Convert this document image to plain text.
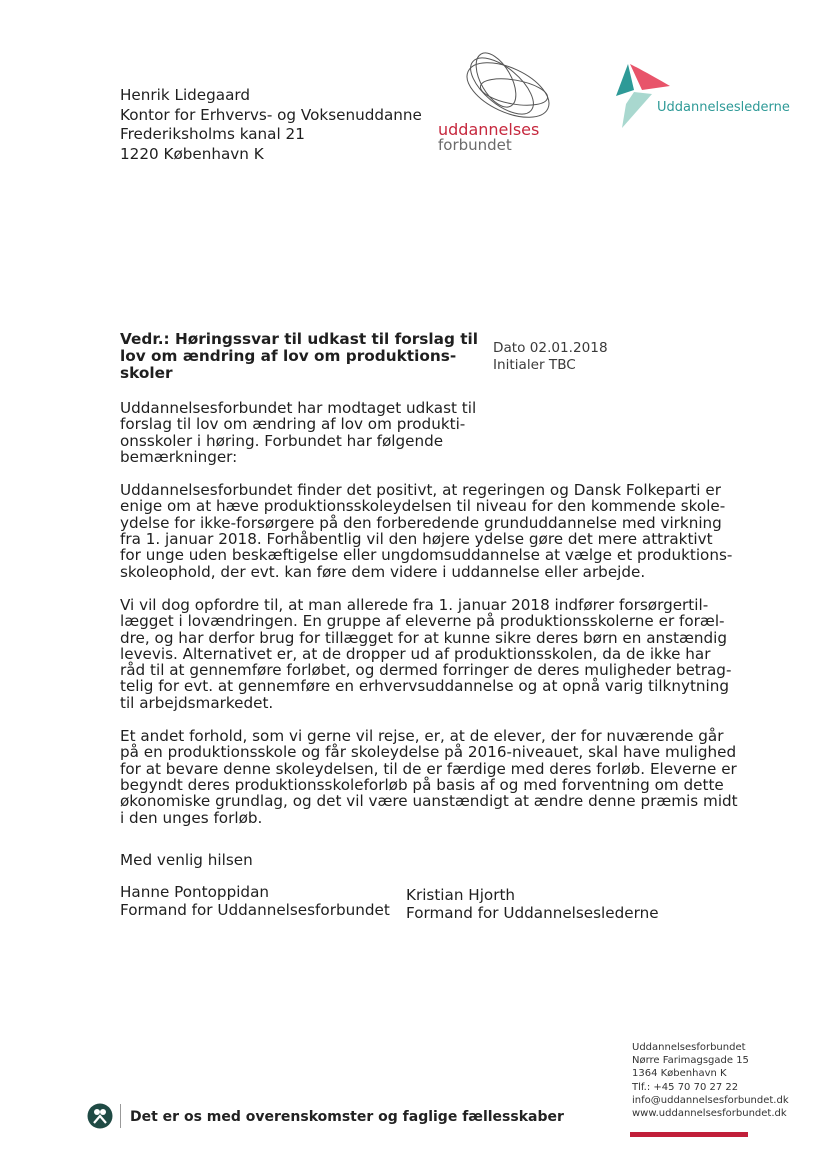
Henrik Lidegaard
Kontor for Erhvervs- og Voksenuddanne
Frederiksholms kanal 21
1220 København K
uddannelses
forbundet
Uddannelseslederne
Vedr.: Høringssvar til udkast til forslag til
lov om ændring af lov om produktions-
skoler
Dato 02.01.2018
Initialer TBC
Uddannelsesforbundet har modtaget udkast til
forslag til lov om ændring af lov om produkti-
onsskoler i høring. Forbundet har følgende
bemærkninger:
Uddannelsesforbundet finder det positivt, at regeringen og Dansk Folkeparti er
enige om at hæve produktionsskoleydelsen til niveau for den kommende skole-
ydelse for ikke-forsørgere på den forberedende grunduddannelse med virkning
fra 1. januar 2018. Forhåbentlig vil den højere ydelse gøre det mere attraktivt
for unge uden beskæftigelse eller ungdomsuddannelse at vælge et produktions-
skoleophold, der evt. kan føre dem videre i uddannelse eller arbejde.
Vi vil dog opfordre til, at man allerede fra 1. januar 2018 indfører forsørgertil-
lægget i lovændringen. En gruppe af eleverne på produktionsskolerne er foræl-
dre, og har derfor brug for tillægget for at kunne sikre deres børn en anstændig
levevis. Alternativet er, at de dropper ud af produktionsskolen, da de ikke har
råd til at gennemføre forløbet, og dermed forringer de deres muligheder betrag-
telig for evt. at gennemføre en erhvervsuddannelse og at opnå varig tilknytning
til arbejdsmarkedet.
Et andet forhold, som vi gerne vil rejse, er, at de elever, der for nuværende går
på en produktionsskole og får skoleydelse på 2016-niveauet, skal have mulighed
for at bevare denne skoleydelsen, til de er færdige med deres forløb. Eleverne er
begyndt deres produktionsskoleforløb på basis af og med forventning om dette
økonomiske grundlag, og det vil være uanstændigt at ændre denne præmis midt
i den unges forløb.
Med venlig hilsen
Hanne Pontoppidan
Formand for Uddannelsesforbundet
Kristian Hjorth
Formand for Uddannelseslederne
Uddannelsesforbundet
Nørre Farimagsgade 15
1364 København K
Tlf.: +45 70 70 27 22
info@uddannelsesforbundet.dk
www.uddannelsesforbundet.dk
Det er os med overenskomster og faglige fællesskaber
